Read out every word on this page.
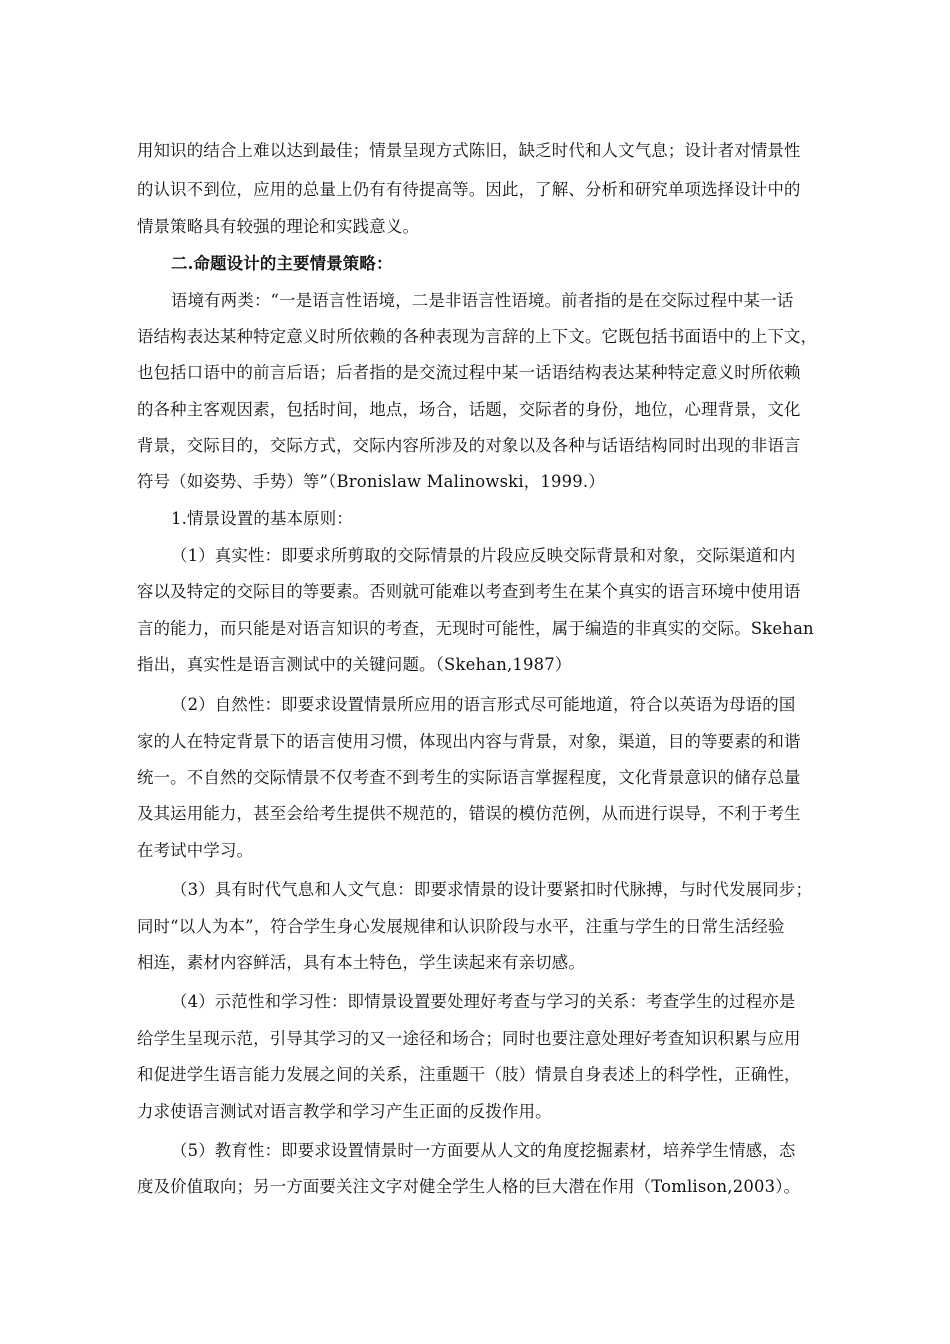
用知识的结合上难以达到最佳；情景呈现方式陈旧，缺乏时代和人文气息；设计者对情景性
的认识不到位，应用的总量上仍有有待提高等。因此，了解、分析和研究单项选择设计中的
情景策略具有较强的理论和实践意义。
二.命题设计的主要情景策略：
语境有两类：“一是语言性语境，二是非语言性语境。前者指的是在交际过程中某一话
语结构表达某种特定意义时所依赖的各种表现为言辞的上下文。它既包括书面语中的上下文，
也包括口语中的前言后语；后者指的是交流过程中某一话语结构表达某种特定意义时所依赖
的各种主客观因素，包括时间，地点，场合，话题，交际者的身份，地位，心理背景，文化
背景，交际目的，交际方式，交际内容所涉及的对象以及各种与话语结构同时出现的非语言
符号（如姿势、手势）等”（Bronislaw Malinowski，1999.）
1.情景设置的基本原则：
（1）真实性：即要求所剪取的交际情景的片段应反映交际背景和对象，交际渠道和内
容以及特定的交际目的等要素。否则就可能难以考查到考生在某个真实的语言环境中使用语
言的能力，而只能是对语言知识的考查，无现时可能性，属于编造的非真实的交际。Skehan
指出，真实性是语言测试中的关键问题。（Skehan,1987）
（2）自然性：即要求设置情景所应用的语言形式尽可能地道，符合以英语为母语的国
家的人在特定背景下的语言使用习惯，体现出内容与背景，对象，渠道，目的等要素的和谐
统一。不自然的交际情景不仅考查不到考生的实际语言掌握程度，文化背景意识的储存总量
及其运用能力，甚至会给考生提供不规范的，错误的模仿范例，从而进行误导，不利于考生
在考试中学习。
（3）具有时代气息和人文气息：即要求情景的设计要紧扣时代脉搏，与时代发展同步；
同时“以人为本”，符合学生身心发展规律和认识阶段与水平，注重与学生的日常生活经验
相连，素材内容鲜活，具有本土特色，学生读起来有亲切感。
（4）示范性和学习性：即情景设置要处理好考查与学习的关系：考查学生的过程亦是
给学生呈现示范，引导其学习的又一途径和场合；同时也要注意处理好考查知识积累与应用
和促进学生语言能力发展之间的关系，注重题干（肢）情景自身表述上的科学性，正确性，
力求使语言测试对语言教学和学习产生正面的反拨作用。
（5）教育性：即要求设置情景时一方面要从人文的角度挖掘素材，培养学生情感，态
度及价值取向；另一方面要关注文字对健全学生人格的巨大潜在作用（Tomlison,2003）。
